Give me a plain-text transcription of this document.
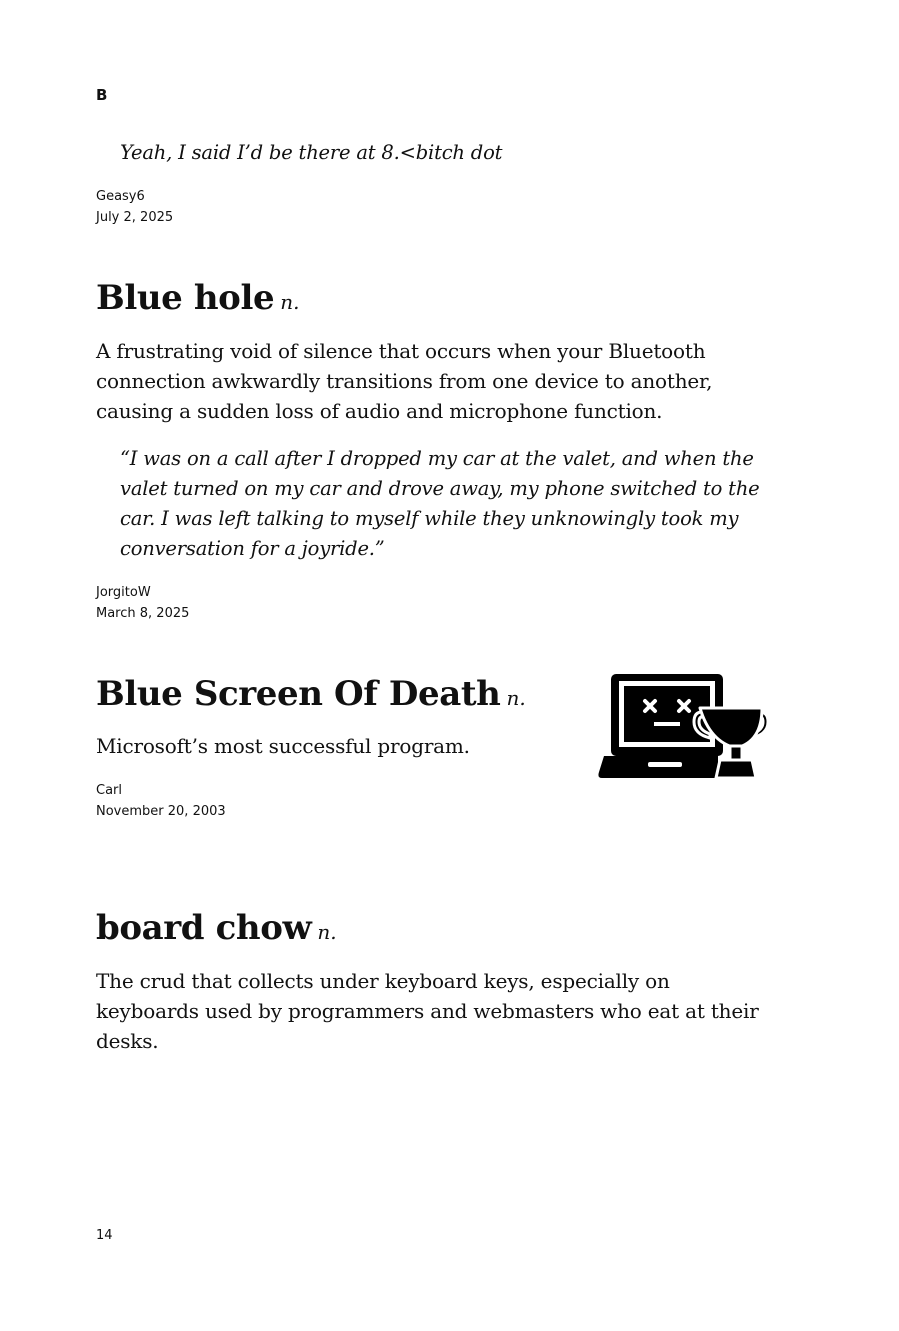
B
Yeah, I said I’d be there at 8.<bitch dot
Geasy6
July 2, 2025
Blue hole n.
A frustrating void of silence that occurs when your Bluetooth connection awkwardly transitions from one device to another, causing a sudden loss of audio and microphone function.
“I was on a call after I dropped my car at the valet, and when the valet turned on my car and drove away, my phone switched to the car. I was left talking to myself while they unknowingly took my conversation for a joyride.”
JorgitoW
March 8, 2025
Blue Screen Of Death n.
Microsoft’s most successful program.
Carl
November 20, 2003
board chow n.
The crud that collects under keyboard keys, especially on keyboards used by programmers and webmasters who eat at their desks.
14
